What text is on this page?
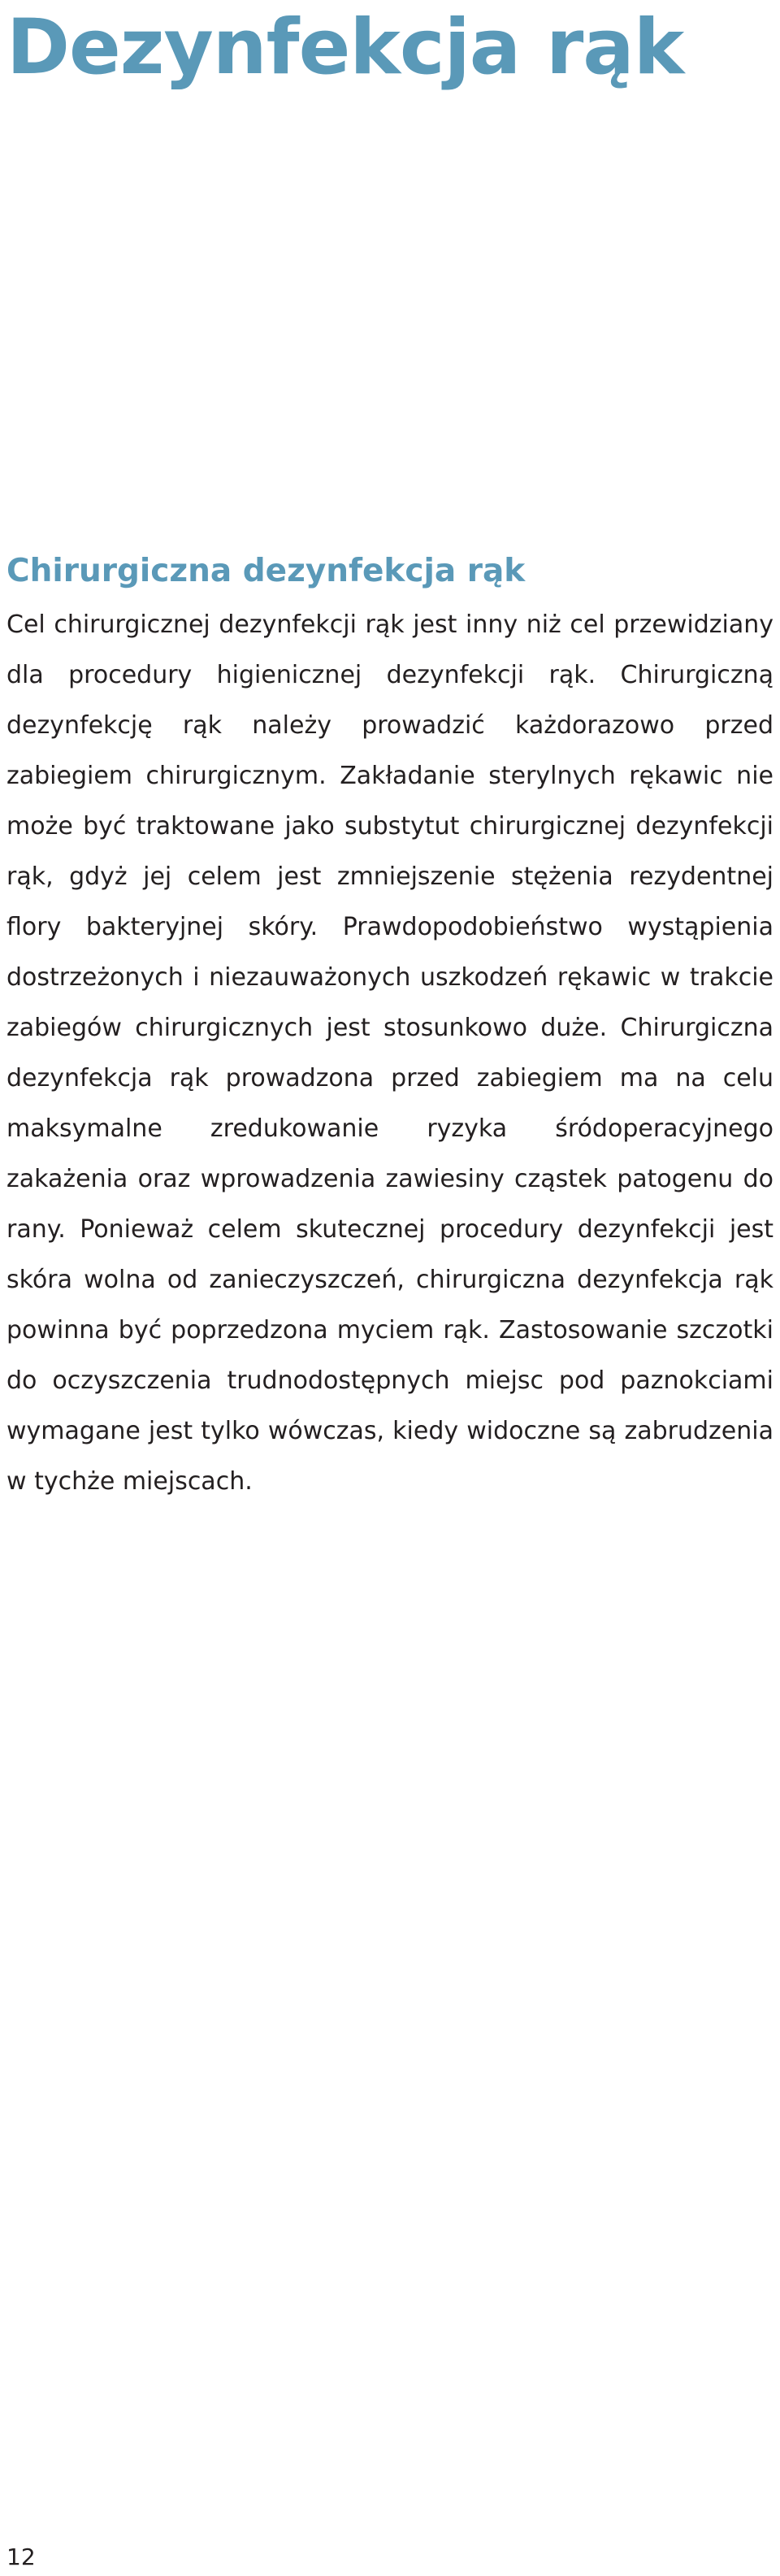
Dezynfekcja rąk
Chirurgiczna dezynfekcja rąk

Cel chirurgicznej dezynfekcji rąk jest inny niż cel przewidziany dla procedury higienicznej dezynfekcji rąk. Chirurgiczną dezynfekcję rąk należy prowadzić każdorazowo przed zabiegiem chirurgicznym. Zakładanie sterylnych rękawic nie może być traktowane jako substytut chirurgicznej dezynfekcji rąk, gdyż jej celem jest zmniejszenie stężenia rezydentnej flory bakteryjnej skóry. Prawdopodobieństwo wystąpienia dostrzeżonych i niezauważonych uszkodzeń rękawic w trakcie zabiegów chirurgicznych jest stosunkowo duże. Chirurgiczna dezynfekcja rąk prowadzona przed zabiegiem ma na celu maksymalne zredukowanie ryzyka śródoperacyjnego zakażenia oraz wprowadzenia zawiesiny cząstek patogenu do rany. Ponieważ celem skutecznej procedury dezynfekcji jest skóra wolna od zanieczyszczeń, chirurgiczna dezynfekcja rąk powinna być poprzedzona myciem rąk. Zastosowanie szczotki do oczyszczenia trudnodostępnych miejsc pod paznokciami wymagane jest tylko wówczas, kiedy widoczne są zabrudzenia w tychże miejscach.

12
